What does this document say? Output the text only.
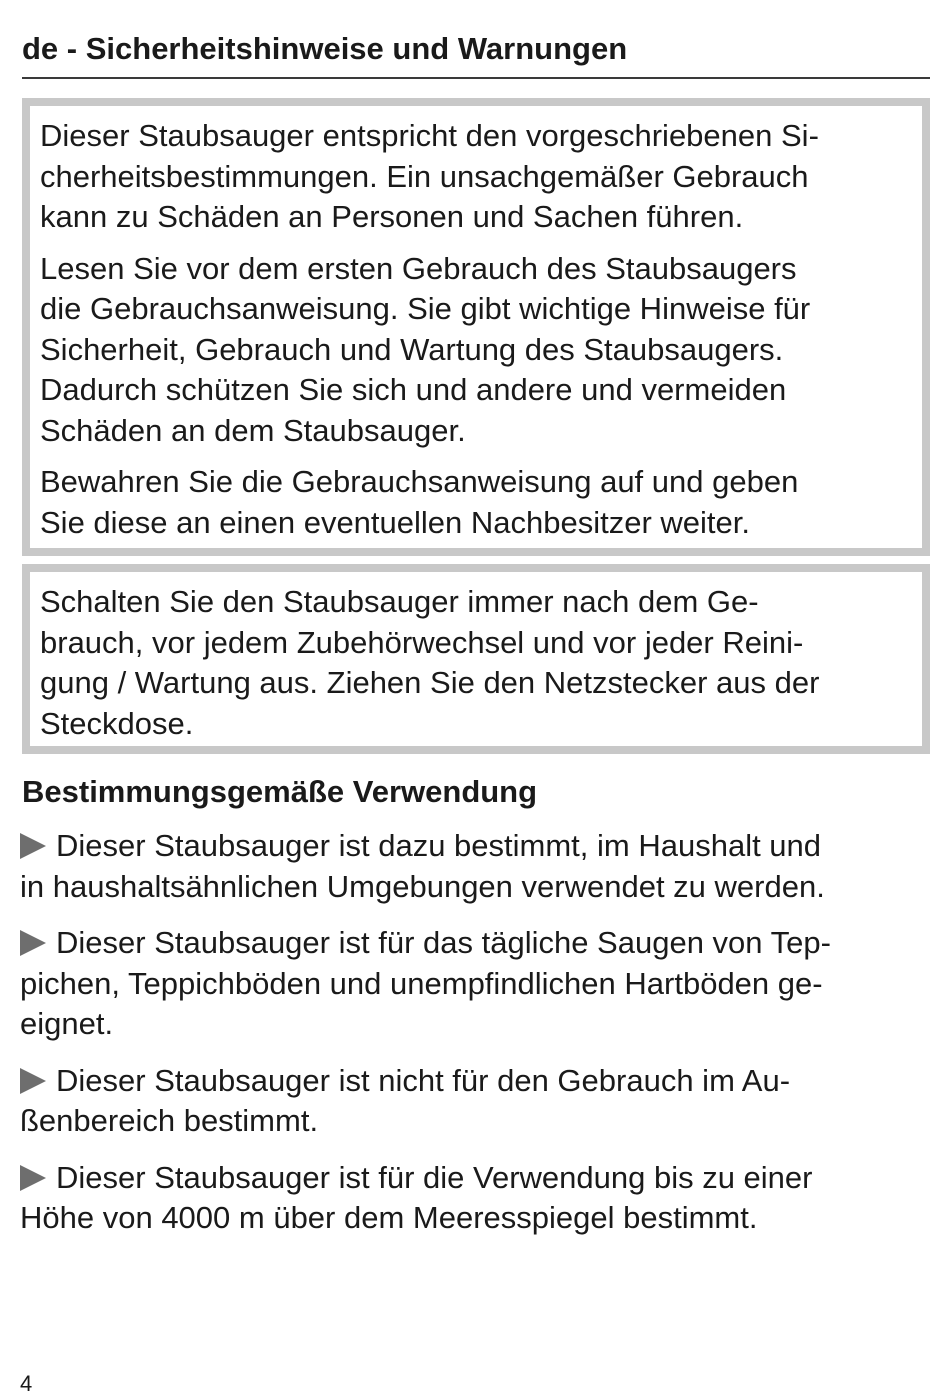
de - Sicherheitshinweise und Warnungen

Dieser Staubsauger entspricht den vorgeschriebenen Si-
cherheitsbestimmungen. Ein unsachgemäßer Gebrauch
kann zu Schäden an Personen und Sachen führen.

Lesen Sie vor dem ersten Gebrauch des Staubsaugers
die Gebrauchsanweisung. Sie gibt wichtige Hinweise für
Sicherheit, Gebrauch und Wartung des Staubsaugers.
Dadurch schützen Sie sich und andere und vermeiden
Schäden an dem Staubsauger.

Bewahren Sie die Gebrauchsanweisung auf und geben
Sie diese an einen eventuellen Nachbesitzer weiter.

Schalten Sie den Staubsauger immer nach dem Ge-
brauch, vor jedem Zubehörwechsel und vor jeder Reini-
gung / Wartung aus. Ziehen Sie den Netzstecker aus der
Steckdose.

Bestimmungsgemäße Verwendung
Dieser Staubsauger ist dazu bestimmt, im Haushalt und
in haushaltsähnlichen Umgebungen verwendet zu werden.
Dieser Staubsauger ist für das tägliche Saugen von Tep-
pichen, Teppichböden und unempfindlichen Hartböden ge-
eignet.
Dieser Staubsauger ist nicht für den Gebrauch im Au-
ßenbereich bestimmt.
Dieser Staubsauger ist für die Verwendung bis zu einer
Höhe von 4000 m über dem Meeresspiegel bestimmt.
4
